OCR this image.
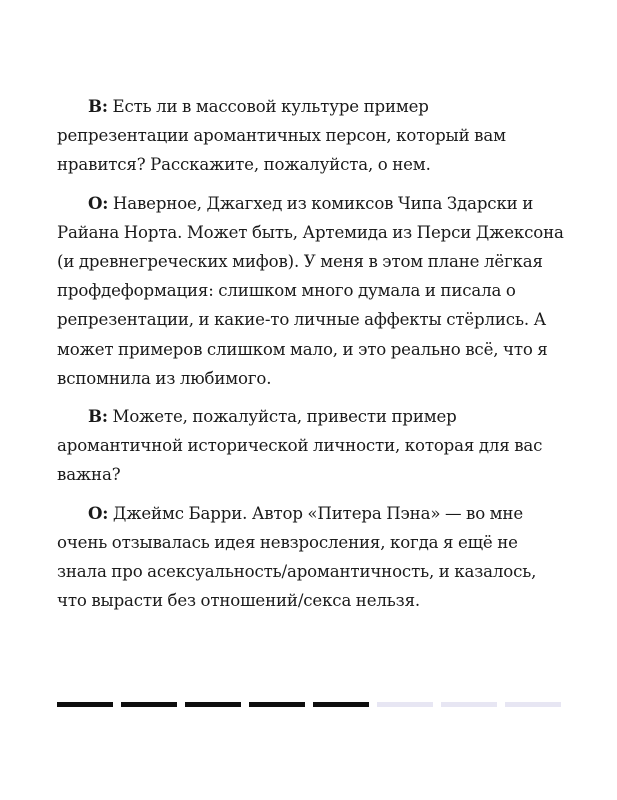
В: Есть ли в массовой культуре пример репрезентации аромантичных персон, который вам нравится? Расскажите, пожалуйста, о нем.

О: Наверное, Джагхед из комиксов Чипа Здарски и Райана Норта. Может быть, Артемида из Перси Джексона (и древнегреческих мифов). У меня в этом плане лёгкая профдеформация: слишком много думала и писала о репрезентации, и какие-то личные аффекты стёрлись. А может примеров слишком мало, и это реально всё, что я вспомнила из любимого.

В: Можете, пожалуйста, привести пример аромантичной исторической личности, которая для вас важна?

О: Джеймс Барри. Автор «Питера Пэна» — во мне очень отзывалась идея невзросления, когда я ещё не знала про асексуальность/аромантичность, и казалось, что вырасти без отношений/секса нельзя.
